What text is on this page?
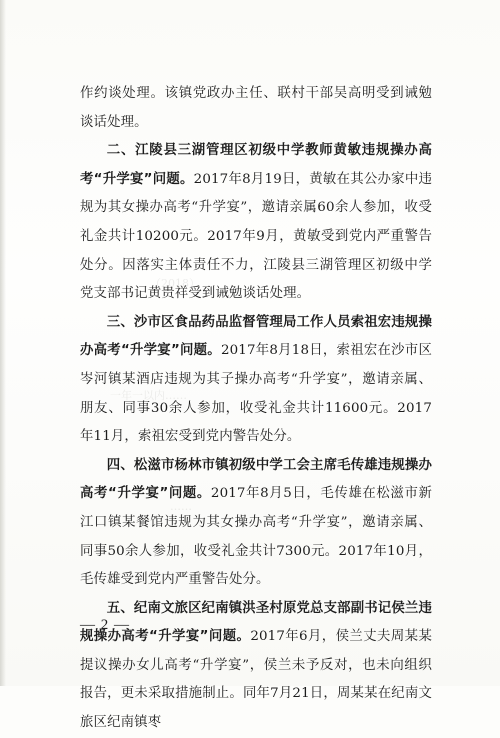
（2018）
一年一以内……
……

作约谈处理。该镇党政办主任、联村干部吴高明受到诫勉谈话处理。

二、江陵县三湖管理区初级中学教师黄敏违规操办高考“升学宴”问题。2017年8月19日，黄敏在其公办家中违规为其女操办高考“升学宴”，邀请亲属60余人参加，收受礼金共计10200元。2017年9月，黄敏受到党内严重警告处分。因落实主体责任不力，江陵县三湖管理区初级中学党支部书记黄贵祥受到诫勉谈话处理。

三、沙市区食品药品监督管理局工作人员索祖宏违规操办高考“升学宴”问题。2017年8月18日，索祖宏在沙市区岑河镇某酒店违规为其子操办高考“升学宴”，邀请亲属、朋友、同事30余人参加，收受礼金共计11600元。2017年11月，索祖宏受到党内警告处分。

四、松滋市杨林市镇初级中学工会主席毛传雄违规操办高考“升学宴”问题。2017年8月5日，毛传雄在松滋市新江口镇某餐馆违规为其女操办高考“升学宴”，邀请亲属、同事50余人参加，收受礼金共计7300元。2017年10月，毛传雄受到党内严重警告处分。

五、纪南文旅区纪南镇洪圣村原党总支部副书记侯兰违规操办高考“升学宴”问题。2017年6月，侯兰丈夫周某某提议操办女儿高考“升学宴”，侯兰未予反对，也未向组织报告，更未采取措施制止。同年7月21日，周某某在纪南文旅区纪南镇枣

— 2 —
